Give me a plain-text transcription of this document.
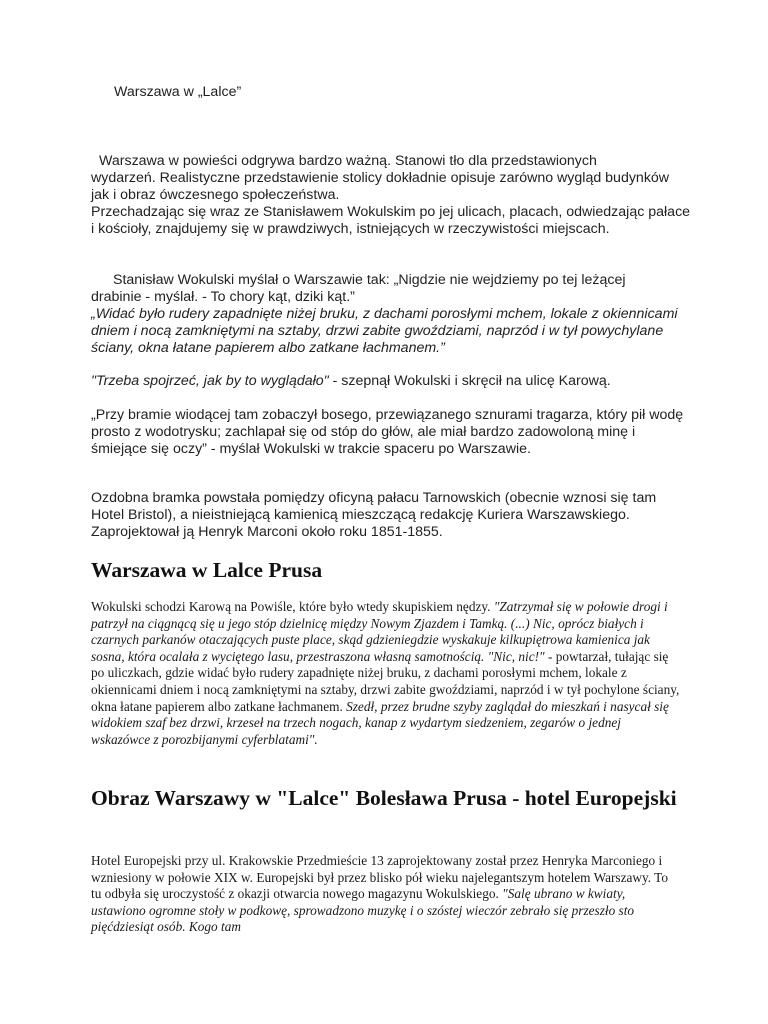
Warszawa w „Lalce”

Warszawa w powieści odgrywa bardzo ważną. Stanowi tło dla przedstawionych

wydarzeń. Realistyczne przedstawienie stolicy dokładnie opisuje zarówno wygląd budynków jak i obraz ówczesnego społeczeństwa.

Przechadzając się wraz ze Stanisławem Wokulskim po jej ulicach, placach, odwiedzając pałace i kościoły, znajdujemy się w prawdziwych, istniejących w rzeczywistości miejscach.

Stanisław Wokulski myślał o Warszawie tak: „Nigdzie nie wejdziemy po tej leżącej

drabinie - myślał. - To chory kąt, dziki kąt.”

„Widać było rudery zapadnięte niżej bruku, z dachami porosłymi mchem, lokale z okiennicami dniem i nocą zamkniętymi na sztaby, drzwi zabite gwoździami, naprzód i w tył powychylane ściany, okna łatane papierem albo zatkane łachmanem.”

"Trzeba spojrzeć, jak by to wyglądało" - szepnął Wokulski i skręcił na ulicę Karową.

„Przy bramie wiodącej tam zobaczył bosego, przewiązanego sznurami tragarza, który pił wodę prosto z wodotrysku; zachlapał się od stóp do głów, ale miał bardzo zadowoloną minę i śmiejące się oczy” - myślał Wokulski w trakcie spaceru po Warszawie.
Ozdobna bramka powstała pomiędzy oficyną pałacu Tarnowskich (obecnie wznosi się tam Hotel Bristol), a nieistniejącą kamienicą mieszczącą redakcję Kuriera Warszawskiego. Zaprojektował ją Henryk Marconi około roku 1851-1855.
Warszawa w Lalce Prusa

Wokulski schodzi Karową na Powiśle, które było wtedy skupiskiem nędzy. "Zatrzymał się w połowie drogi i patrzył na ciągnącą się u jego stóp dzielnicę między Nowym Zjazdem i Tamką. (...) Nic, oprócz białych i czarnych parkanów otaczających puste place, skąd gdzieniegdzie wyskakuje kilkupiętrowa kamienica jak sosna, która ocalała z wyciętego lasu, przestraszona własną samotnością. "Nic, nic!" - powtarzał, tułając się po uliczkach, gdzie widać było rudery zapadnięte niżej bruku, z dachami porosłymi mchem, lokale z okiennicami dniem i nocą zamkniętymi na sztaby, drzwi zabite gwoździami, naprzód i w tył pochylone ściany, okna łatane papierem albo zatkane łachmanem. Szedł, przez brudne szyby zaglądał do mieszkań i nasycał się widokiem szaf bez drzwi, krzeseł na trzech nogach, kanap z wydartym siedzeniem, zegarów o jednej wskazówce z porozbijanymi cyferblatami".

Obraz Warszawy w "Lalce" Bolesława Prusa - hotel Europejski

Hotel Europejski przy ul. Krakowskie Przedmieście 13 zaprojektowany został przez Henryka Marconiego i wzniesiony w połowie XIX w. Europejski był przez blisko pół wieku najelegantszym hotelem Warszawy. To tu odbyła się uroczystość z okazji otwarcia nowego magazynu Wokulskiego. "Salę ubrano w kwiaty, ustawiono ogromne stoły w podkowę, sprowadzono muzykę i o szóstej wieczór zebrało się przeszło sto pięćdziesiąt osób. Kogo tam
